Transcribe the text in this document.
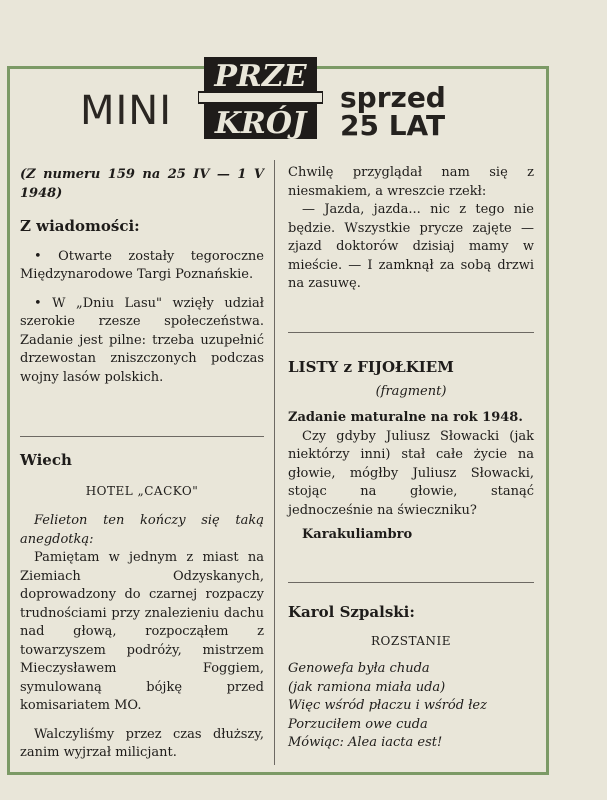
MINI
PRZE
KRÓJ
sprzed
25 LAT

(Z numeru 159 na 25 IV — 1 V 1948)

Z wiadomości:

• Otwarte zostały tegoroczne Międzynarodowe Targi Poznańskie.

• W „Dniu Lasu" wzięły udział szerokie rzesze społeczeństwa. Zadanie jest pilne: trzeba uzupełnić drzewostan zniszczonych podczas wojny lasów polskich.

Wiech

HOTEL „CACKO"

Felieton ten kończy się taką anegdotką:

Pamiętam w jednym z miast na Ziemiach Odzyskanych, doprowadzony do czarnej rozpaczy trudnościami przy znalezieniu dachu nad głową, rozpocząłem z towarzyszem podróży, mistrzem Mieczysławem Foggiem, symulowaną bójkę przed komisariatem MO.

Walczyliśmy przez czas dłuższy, zanim wyjrzał milicjant.

Chwilę przyglądał nam się z niesmakiem, a wreszcie rzekł:

— Jazda, jazda... nic z tego nie będzie. Wszystkie prycze zajęte — zjazd doktorów dzisiaj mamy w mieście. — I zamknął za sobą drzwi na zasuwę.

LISTY z FIJOŁKIEM

(fragment)

Zadanie maturalne na rok 1948.

Czy gdyby Juliusz Słowacki (jak niektórzy inni) stał całe życie na głowie, mógłby Juliusz Słowacki, stojąc na głowie, stanąć jednocześnie na świeczniku?

Karakuliambro

Karol Szpalski:

ROZSTANIE

Genowefa była chuda
(jak ramiona miała uda)
Więc wśród płaczu i wśród łez
Porzuciłem owe cuda
Mówiąc: Alea iacta est!
